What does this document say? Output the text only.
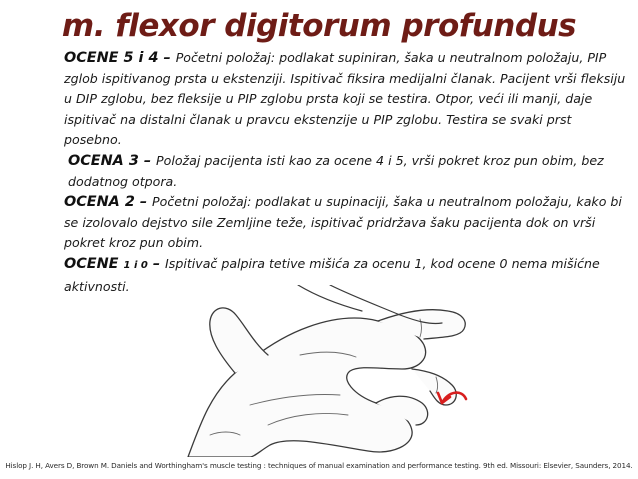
m. flexor digitorum profundus

OCENE 5 i 4 – Početni položaj: podlakat supiniran, šaka u neutralnom položaju, PIP zglob ispitivanog prsta u ekstenziji. Ispitivač fiksira medijalni članak. Pacijent vrši fleksiju u DIP zglobu, bez fleksije u PIP zglobu prsta koji se testira. Otpor, veći ili manji, daje ispitivač na distalni članak u pravcu ekstenzije u PIP zglobu. Testira se svaki prst posebno.

OCENA 3 – Položaj pacijenta isti kao za ocene 4 i 5, vrši pokret kroz pun obim, bez dodatnog otpora.

OCENA 2 – Početni položaj: podlakat u supinaciji, šaka u neutralnom položaju, kako bi se izolovalo dejstvo sile Zemljine teže, ispitivač pridržava šaku pacijenta dok on vrši pokret kroz pun obim.

OCENE 1 i 0 – Ispitivač palpira tetive mišića za ocenu 1, kod ocene 0 nema mišićne aktivnosti.

Hislop J. H, Avers D, Brown M. Daniels and Worthingham's muscle testing : techniques of manual examination and performance testing. 9th ed. Missouri: Elsevier, Saunders, 2014.
